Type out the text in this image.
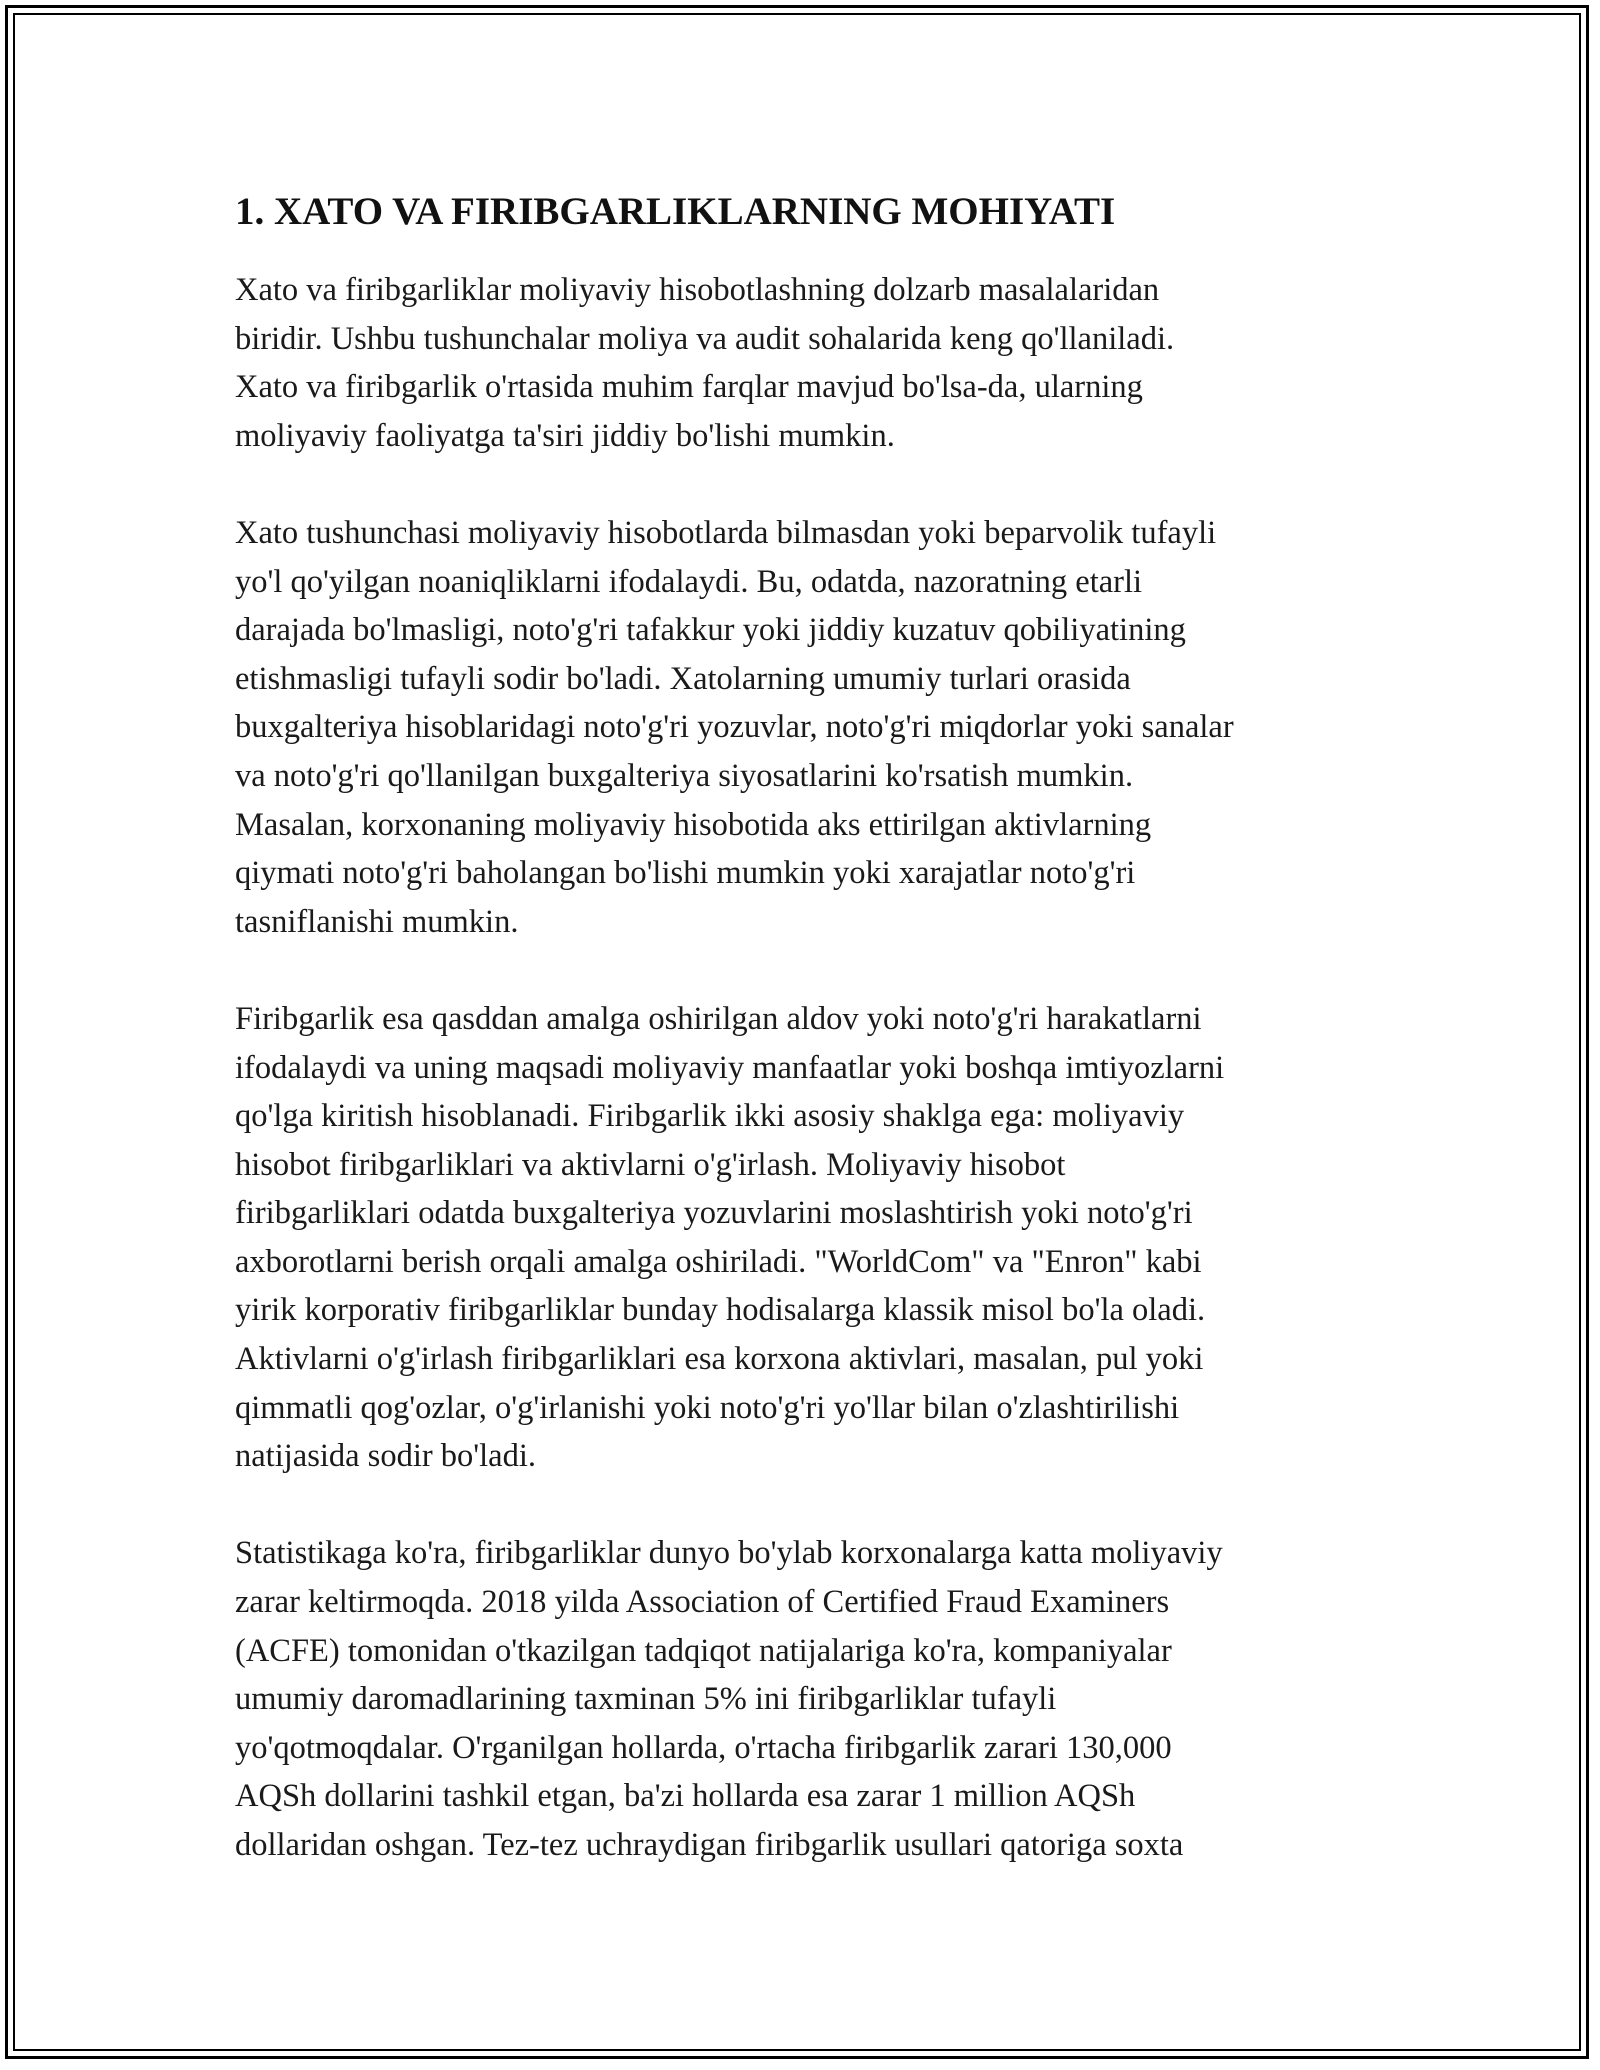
1. XATO VA FIRIBGARLIKLARNING MOHIYATI
Xato va firibgarliklar moliyaviy hisobotlashning dolzarb masalalaridan
biridir. Ushbu tushunchalar moliya va audit sohalarida keng qo'llaniladi.
Xato va firibgarlik o'rtasida muhim farqlar mavjud bo'lsa-da, ularning
moliyaviy faoliyatga ta'siri jiddiy bo'lishi mumkin.
Xato tushunchasi moliyaviy hisobotlarda bilmasdan yoki beparvolik tufayli
yo'l qo'yilgan noaniqliklarni ifodalaydi. Bu, odatda, nazoratning etarli
darajada bo'lmasligi, noto'g'ri tafakkur yoki jiddiy kuzatuv qobiliyatining
etishmasligi tufayli sodir bo'ladi. Xatolarning umumiy turlari orasida
buxgalteriya hisoblaridagi noto'g'ri yozuvlar, noto'g'ri miqdorlar yoki sanalar
va noto'g'ri qo'llanilgan buxgalteriya siyosatlarini ko'rsatish mumkin.
Masalan, korxonaning moliyaviy hisobotida aks ettirilgan aktivlarning
qiymati noto'g'ri baholangan bo'lishi mumkin yoki xarajatlar noto'g'ri
tasniflanishi mumkin.
Firibgarlik esa qasddan amalga oshirilgan aldov yoki noto'g'ri harakatlarni
ifodalaydi va uning maqsadi moliyaviy manfaatlar yoki boshqa imtiyozlarni
qo'lga kiritish hisoblanadi. Firibgarlik ikki asosiy shaklga ega: moliyaviy
hisobot firibgarliklari va aktivlarni o'g'irlash. Moliyaviy hisobot
firibgarliklari odatda buxgalteriya yozuvlarini moslashtirish yoki noto'g'ri
axborotlarni berish orqali amalga oshiriladi. "WorldCom" va "Enron" kabi
yirik korporativ firibgarliklar bunday hodisalarga klassik misol bo'la oladi.
Aktivlarni o'g'irlash firibgarliklari esa korxona aktivlari, masalan, pul yoki
qimmatli qog'ozlar, o'g'irlanishi yoki noto'g'ri yo'llar bilan o'zlashtirilishi
natijasida sodir bo'ladi.
Statistikaga ko'ra, firibgarliklar dunyo bo'ylab korxonalarga katta moliyaviy
zarar keltirmoqda. 2018 yilda Association of Certified Fraud Examiners
(ACFE) tomonidan o'tkazilgan tadqiqot natijalariga ko'ra, kompaniyalar
umumiy daromadlarining taxminan 5% ini firibgarliklar tufayli
yo'qotmoqdalar. O'rganilgan hollarda, o'rtacha firibgarlik zarari 130,000
AQSh dollarini tashkil etgan, ba'zi hollarda esa zarar 1 million AQSh
dollaridan oshgan. Tez-tez uchraydigan firibgarlik usullari qatoriga soxta
